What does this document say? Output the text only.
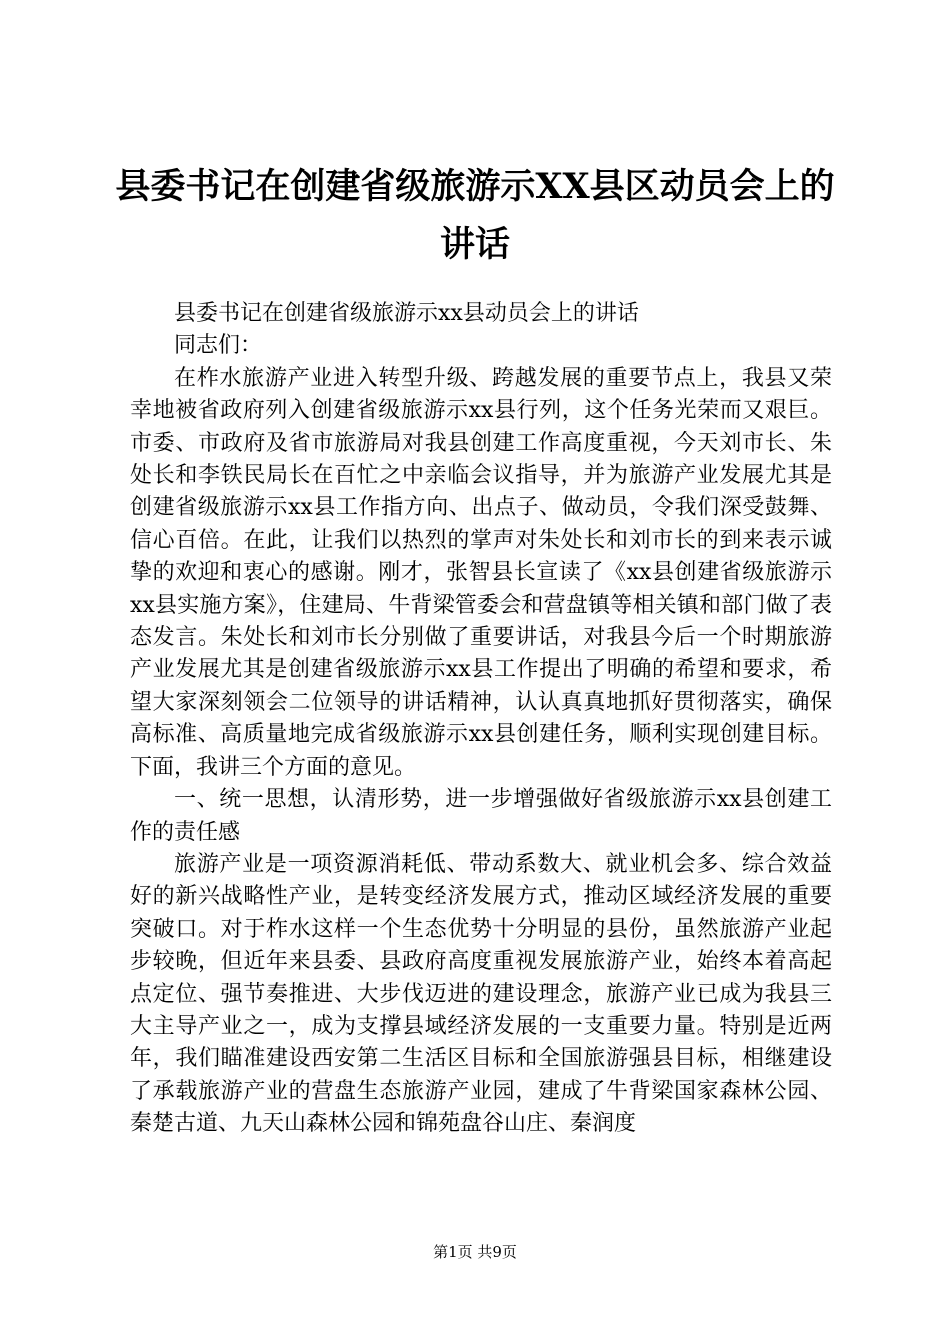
县委书记在创建省级旅游示XX县区动员会上的讲话

县委书记在创建省级旅游示xx县动员会上的讲话

同志们：

在柞水旅游产业进入转型升级、跨越发展的重要节点上，我县又荣幸地被省政府列入创建省级旅游示xx县行列，这个任务光荣而又艰巨。市委、市政府及省市旅游局对我县创建工作高度重视，今天刘市长、朱处长和李铁民局长在百忙之中亲临会议指导，并为旅游产业发展尤其是创建省级旅游示xx县工作指方向、出点子、做动员，令我们深受鼓舞、信心百倍。在此，让我们以热烈的掌声对朱处长和刘市长的到来表示诚挚的欢迎和衷心的感谢。刚才，张智县长宣读了《xx县创建省级旅游示xx县实施方案》，住建局、牛背梁管委会和营盘镇等相关镇和部门做了表态发言。朱处长和刘市长分别做了重要讲话，对我县今后一个时期旅游产业发展尤其是创建省级旅游示xx县工作提出了明确的希望和要求，希望大家深刻领会二位领导的讲话精神，认认真真地抓好贯彻落实，确保高标准、高质量地完成省级旅游示xx县创建任务，顺利实现创建目标。下面，我讲三个方面的意见。

一、统一思想，认清形势，进一步增强做好省级旅游示xx县创建工作的责任感

旅游产业是一项资源消耗低、带动系数大、就业机会多、综合效益好的新兴战略性产业，是转变经济发展方式，推动区域经济发展的重要突破口。对于柞水这样一个生态优势十分明显的县份，虽然旅游产业起步较晚，但近年来县委、县政府高度重视发展旅游产业，始终本着高起点定位、强节奏推进、大步伐迈进的建设理念，旅游产业已成为我县三大主导产业之一，成为支撑县域经济发展的一支重要力量。特别是近两年，我们瞄准建设西安第二生活区目标和全国旅游强县目标，相继建设了承载旅游产业的营盘生态旅游产业园，建成了牛背梁国家森林公园、秦楚古道、九天山森林公园和锦苑盘谷山庄、秦润度

第1页 共9页
